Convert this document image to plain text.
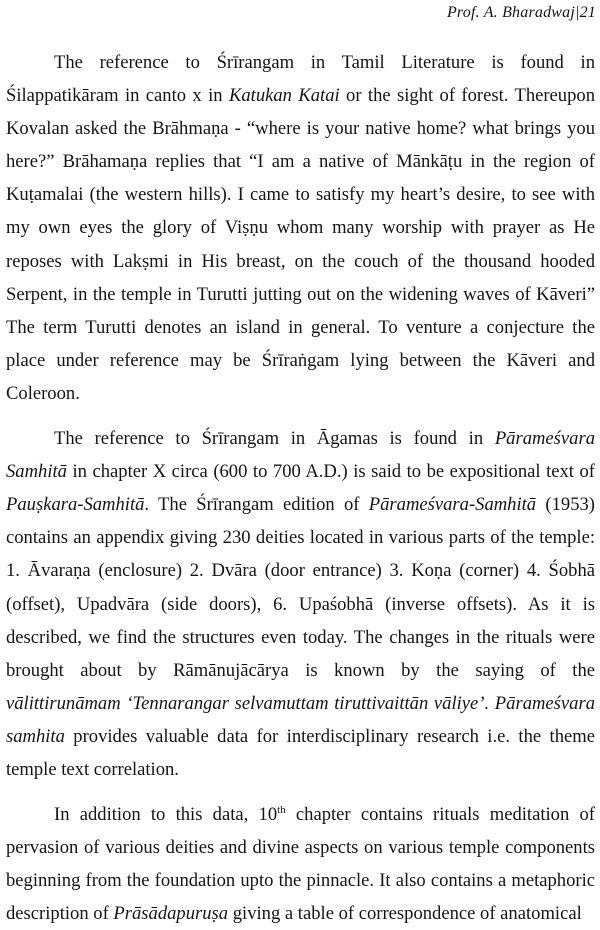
Prof. A. Bharadwaj|21

The reference to Śrīrangam in Tamil Literature is found in Śilappatikāram in canto x in Katukan Katai or the sight of forest. Thereupon Kovalan asked the Brāhmaṇa - “where is your native home? what brings you here?” Brāhamaṇa replies that “I am a native of Mānkāṭu in the region of Kuṭamalai (the western hills). I came to satisfy my heart’s desire, to see with my own eyes the glory of Viṣṇu whom many worship with prayer as He reposes with Lakṣmi in His breast, on the couch of the thousand hooded Serpent, in the temple in Turutti jutting out on the widening waves of Kāveri” The term Turutti denotes an island in general. To venture a conjecture the place under reference may be Śrīraṅgam lying between the Kāveri and Coleroon.

The reference to Śrīrangam in Āgamas is found in Pārameśvara Samhitā in chapter X circa (600 to 700 A.D.) is said to be expositional text of Pauṣkara-Samhitā. The Śrīrangam edition of Pārameśvara-Samhitā (1953) contains an appendix giving 230 deities located in various parts of the temple: 1. Āvaraṇa (enclosure) 2. Dvāra (door entrance) 3. Koṇa (corner) 4. Śobhā (offset), Upadvāra (side doors), 6. Upaśobhā (inverse offsets). As it is described, we find the structures even today. The changes in the rituals were brought about by Rāmānujācārya is known by the saying of the vālittirunāmam ‘Tennarangar selvamuttam tiruttivaittān vāliye’. Pārameśvara samhita provides valuable data for interdisciplinary research i.e. the theme temple text correlation.

In addition to this data, 10th chapter contains rituals meditation of pervasion of various deities and divine aspects on various temple components beginning from the foundation upto the pinnacle. It also contains a metaphoric description of Prāsādapuruṣa giving a table of correspondence of anatomical
